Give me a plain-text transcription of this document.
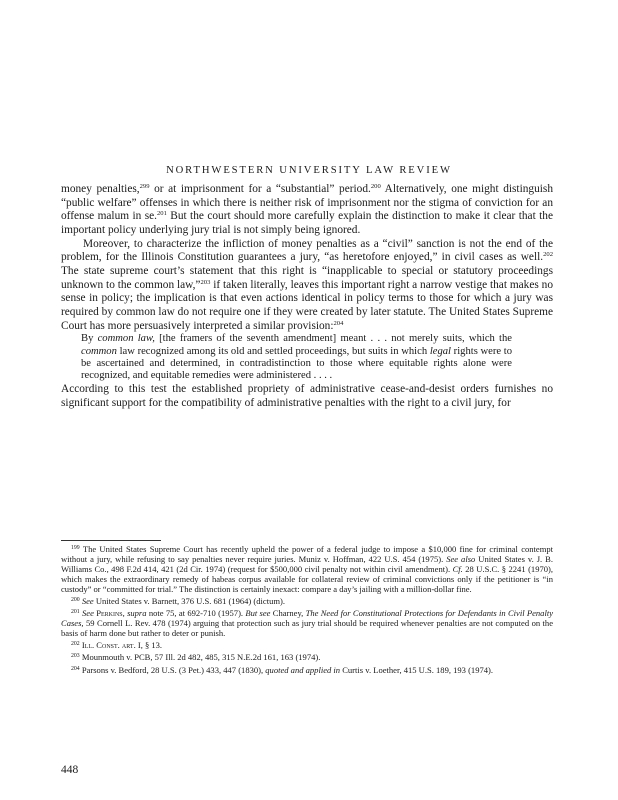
NORTHWESTERN UNIVERSITY LAW REVIEW

money penalties,$^{299}$ or at imprisonment for a “substantial” period.$^{200}$ Alternatively, one might distinguish “public welfare” offenses in which there is neither risk of imprisonment nor the stigma of conviction for an offense malum in se.$^{201}$ But the court should more carefully explain the distinction to make it clear that the important policy underlying jury trial is not simply being ignored.

Moreover, to characterize the infliction of money penalties as a “civil” sanction is not the end of the problem, for the Illinois Constitution guarantees a jury, “as heretofore enjoyed,” in civil cases as well.$^{202}$ The state supreme court’s statement that this right is “inapplicable to special or statutory proceedings unknown to the common law,”$^{203}$ if taken literally, leaves this important right a narrow vestige that makes no sense in policy; the implication is that even actions identical in policy terms to those for which a jury was required by common law do not require one if they were created by later statute. The United States Supreme Court has more persuasively interpreted a similar provision:$^{204}$

By common law, [the framers of the seventh amendment] meant . . . not merely suits, which the common law recognized among its old and settled proceedings, but suits in which legal rights were to be ascertained and determined, in contradistinction to those where equitable rights alone were recognized, and equitable remedies were administered . . . .

According to this test the established propriety of administrative cease-and-desist orders furnishes no significant support for the compatibility of administrative penalties with the right to a civil jury, for

$^{199}$ The United States Supreme Court has recently upheld the power of a federal judge to impose a $10,000 fine for criminal contempt without a jury, while refusing to say penalties never require juries. Muniz v. Hoffman, 422 U.S. 454 (1975). See also United States v. J. B. Williams Co., 498 F.2d 414, 421 (2d Cir. 1974) (request for $500,000 civil penalty not within civil amendment). Cf. 28 U.S.C. § 2241 (1970), which makes the extraordinary remedy of habeas corpus available for collateral review of criminal convictions only if the petitioner is “in custody” or “committed for trial.” The distinction is certainly inexact: compare a day’s jailing with a million-dollar fine.

$^{200}$ See United States v. Barnett, 376 U.S. 681 (1964) (dictum).

$^{201}$ See Perkins, supra note 75, at 692-710 (1957). But see Charney, The Need for Constitutional Protections for Defendants in Civil Penalty Cases, 59 Cornell L. Rev. 478 (1974) arguing that protection such as jury trial should be required whenever penalties are not computed on the basis of harm done but rather to deter or punish.

$^{202}$ Ill. Const. art. I, § 13.

$^{203}$ Mounmouth v. PCB, 57 Ill. 2d 482, 485, 315 N.E.2d 161, 163 (1974).

$^{204}$ Parsons v. Bedford, 28 U.S. (3 Pet.) 433, 447 (1830), quoted and applied in Curtis v. Loether, 415 U.S. 189, 193 (1974).

448
